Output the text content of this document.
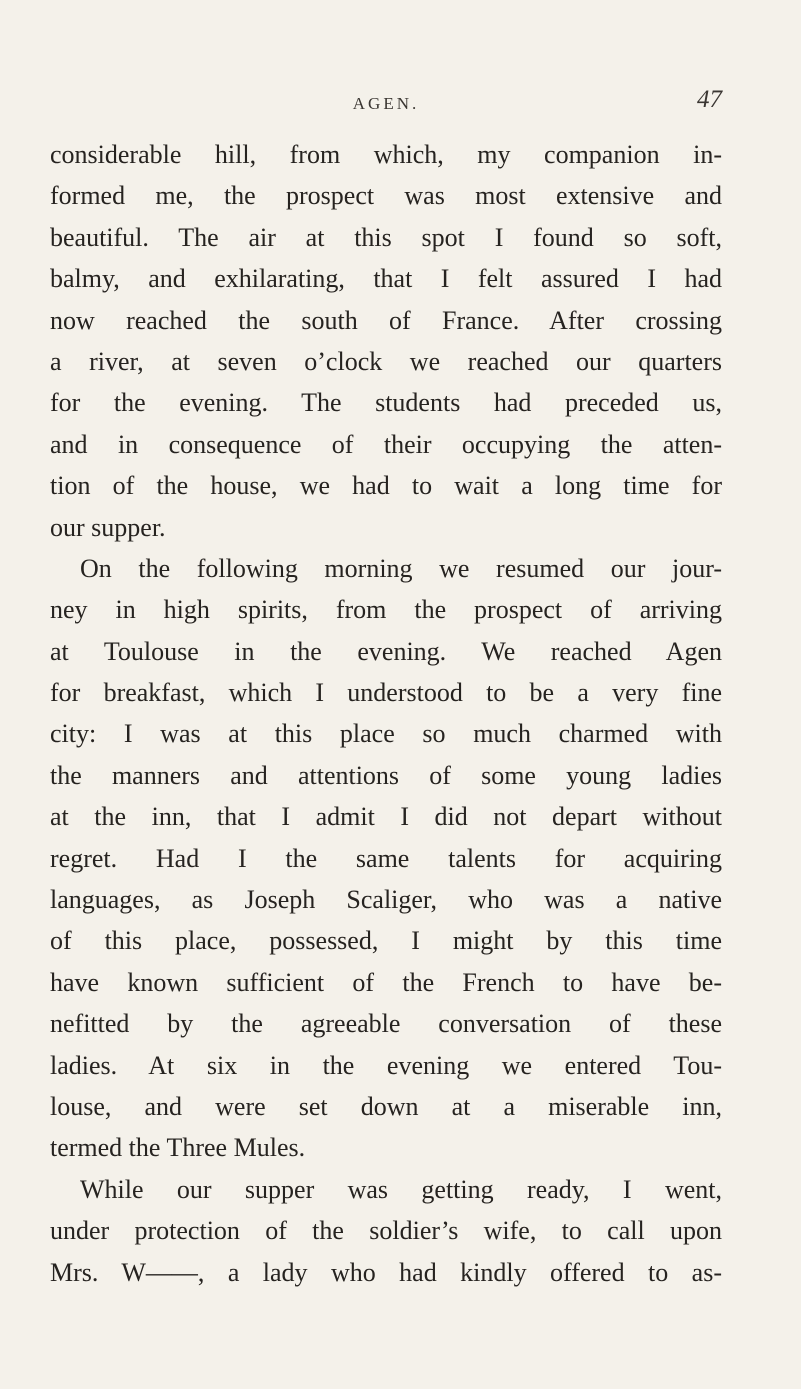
AGEN.	47
considerable hill, from which, my companion in-
formed me, the prospect was most extensive and
beautiful. The air at this spot I found so soft,
balmy, and exhilarating, that I felt assured I had
now reached the south of France. After crossing
a river, at seven o’clock we reached our quarters
for the evening. The students had preceded us,
and in consequence of their occupying the atten-
tion of the house, we had to wait a long time for
our supper.
On the following morning we resumed our jour-
ney in high spirits, from the prospect of arriving
at Toulouse in the evening. We reached Agen
for breakfast, which I understood to be a very fine
city: I was at this place so much charmed with
the manners and attentions of some young ladies
at the inn, that I admit I did not depart without
regret. Had I the same talents for acquiring
languages, as Joseph Scaliger, who was a native
of this place, possessed, I might by this time
have known sufficient of the French to have be-
nefitted by the agreeable conversation of these
ladies. At six in the evening we entered Tou-
louse, and were set down at a miserable inn,
termed the Three Mules.
While our supper was getting ready, I went,
under protection of the soldier’s wife, to call upon
Mrs. W——, a lady who had kindly offered to as-
